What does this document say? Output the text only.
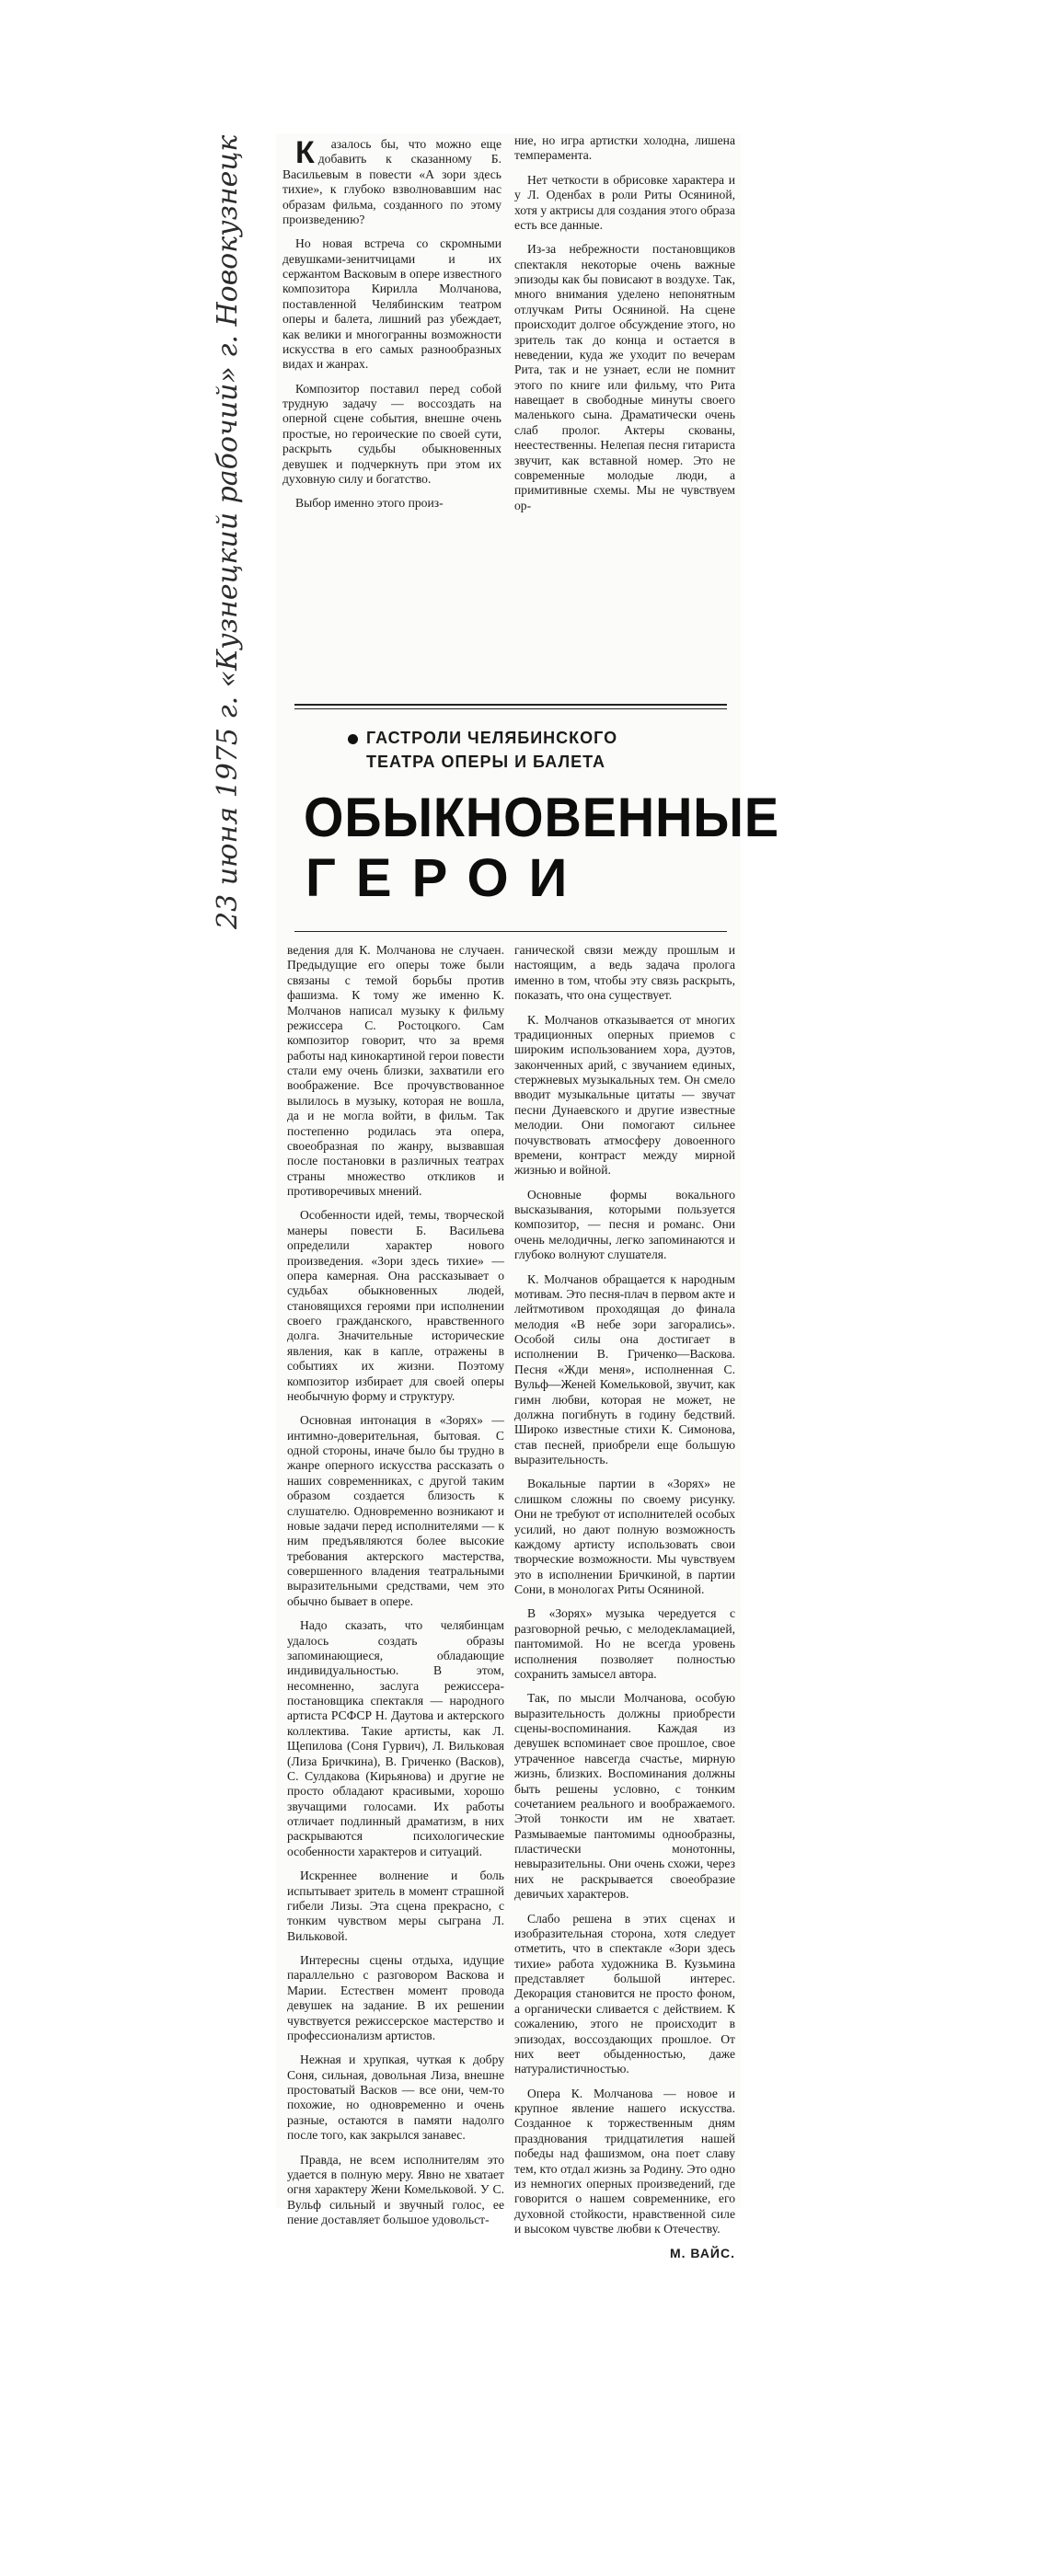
Казалось бы, что можно еще добавить к сказанному Б. Васильевым в повести «А зори здесь тихие», к глубоко взволновавшим нас образам фильма, созданного по этому произведению?

Но новая встреча со скромными девушками-зенитчицами и их сержантом Васковым в опере известного композитора Кирилла Молчанова, поставленной Челябинским театром оперы и балета, лишний раз убеждает, как велики и многогранны возможности искусства в его самых разнообразных видах и жанрах.

Композитор поставил перед собой трудную задачу — воссоздать на оперной сцене события, внешне очень простые, но героические по своей сути, раскрыть судьбы обыкновенных девушек и подчеркнуть при этом их духовную силу и богатство.

Выбор именно этого произ-

ние, но игра артистки холодна, лишена темперамента.

Нет четкости в обрисовке характера и у Л. Оденбах в роли Риты Осяниной, хотя у актрисы для создания этого образа есть все данные.

Из-за небрежности постановщиков спектакля некоторые очень важные эпизоды как бы повисают в воздухе. Так, много внимания уделено непонятным отлучкам Риты Осяниной. На сцене происходит долгое обсуждение этого, но зритель так до конца и остается в неведении, куда же уходит по вечерам Рита, так и не узнает, если не помнит этого по книге или фильму, что Рита навещает в свободные минуты своего маленького сына. Драматически очень слаб пролог. Актеры скованы, неестественны. Нелепая песня гитариста звучит, как вставной номер. Это не современные молодые люди, а примитивные схемы. Мы не чувствуем ор-

ГАСТРОЛИ ЧЕЛЯБИНСКОГО
ТЕАТРА ОПЕРЫ И БАЛЕТА
ОБЫКНОВЕННЫЕ
ГЕРОИ

ведения для К. Молчанова не случаен. Предыдущие его оперы тоже были связаны с темой борьбы против фашизма. К тому же именно К. Молчанов написал музыку к фильму режиссера С. Ростоцкого. Сам композитор говорит, что за время работы над кинокартиной герои повести стали ему очень близки, захватили его воображение. Все прочувствованное вылилось в музыку, которая не вошла, да и не могла войти, в фильм. Так постепенно родилась эта опера, своеобразная по жанру, вызвавшая после постановки в различных театрах страны множество откликов и противоречивых мнений.

Особенности идей, темы, творческой манеры повести Б. Васильева определили характер нового произведения. «Зори здесь тихие» — опера камерная. Она рассказывает о судьбах обыкновенных людей, становящихся героями при исполнении своего гражданского, нравственного долга. Значительные исторические явления, как в капле, отражены в событиях их жизни. Поэтому композитор избирает для своей оперы необычную форму и структуру.

Основная интонация в «Зорях» — интимно-доверительная, бытовая. С одной стороны, иначе было бы трудно в жанре оперного искусства рассказать о наших современниках, с другой таким образом создается близость к слушателю. Одновременно возникают и новые задачи перед исполнителями — к ним предъявляются более высокие требования актерского мастерства, совершенного владения театральными выразительными средствами, чем это обычно бывает в опере.

Надо сказать, что челябинцам удалось создать образы запоминающиеся, обладающие индивидуальностью. В этом, несомненно, заслуга режиссера-постановщика спектакля — народного артиста РСФСР Н. Даутова и актерского коллектива. Такие артисты, как Л. Щепилова (Соня Гурвич), Л. Вильковая (Лиза Бричкина), В. Гриченко (Васков), С. Сулдакова (Кирьянова) и другие не просто обладают красивыми, хорошо звучащими голосами. Их работы отличает подлинный драматизм, в них раскрываются психологические особенности характеров и ситуаций.

Искреннее волнение и боль испытывает зритель в момент страшной гибели Лизы. Эта сцена прекрасно, с тонким чувством меры сыграна Л. Вильковой.

Интересны сцены отдыха, идущие параллельно с разговором Васкова и Марии. Естествен момент провода девушек на задание. В их решении чувствуется режиссерское мастерство и профессионализм артистов.

Нежная и хрупкая, чуткая к добру Соня, сильная, довольная Лиза, внешне простоватый Васков — все они, чем-то похожие, но одновременно и очень разные, остаются в памяти надолго после того, как закрылся занавес.

Правда, не всем исполнителям это удается в полную меру. Явно не хватает огня характеру Жени Комельковой. У С. Вульф сильный и звучный голос, ее пение доставляет большое удовольст-

ганической связи между прошлым и настоящим, а ведь задача пролога именно в том, чтобы эту связь раскрыть, показать, что она существует.

К. Молчанов отказывается от многих традиционных оперных приемов с широким использованием хора, дуэтов, законченных арий, с звучанием единых, стержневых музыкальных тем. Он смело вводит музыкальные цитаты — звучат песни Дунаевского и другие известные мелодии. Они помогают сильнее почувствовать атмосферу довоенного времени, контраст между мирной жизнью и войной.

Основные формы вокального высказывания, которыми пользуется композитор, — песня и романс. Они очень мелодичны, легко запоминаются и глубоко волнуют слушателя.

К. Молчанов обращается к народным мотивам. Это песня-плач в первом акте и лейтмотивом проходящая до финала мелодия «В небе зори загорались». Особой силы она достигает в исполнении В. Гриченко—Васкова. Песня «Жди меня», исполненная С. Вульф—Женей Комельковой, звучит, как гимн любви, которая не может, не должна погибнуть в годину бедствий. Широко известные стихи К. Симонова, став песней, приобрели еще большую выразительность.

Вокальные партии в «Зорях» не слишком сложны по своему рисунку. Они не требуют от исполнителей особых усилий, но дают полную возможность каждому артисту использовать свои творческие возможности. Мы чувствуем это в исполнении Бричкиной, в партии Сони, в монологах Риты Осяниной.

В «Зорях» музыка чередуется с разговорной речью, с мелодекламацией, пантомимой. Но не всегда уровень исполнения позволяет полностью сохранить замысел автора.

Так, по мысли Молчанова, особую выразительность должны приобрести сцены-воспоминания. Каждая из девушек вспоминает свое прошлое, свое утраченное навсегда счастье, мирную жизнь, близких. Воспоминания должны быть решены условно, с тонким сочетанием реального и воображаемого. Этой тонкости им не хватает. Размываемые пантомимы однообразны, пластически монотонны, невыразительны. Они очень схожи, через них не раскрывается своеобразие девичьих характеров.

Слабо решена в этих сценах и изобразительная сторона, хотя следует отметить, что в спектакле «Зори здесь тихие» работа художника В. Кузьмина представляет большой интерес. Декорация становится не просто фоном, а органически сливается с действием. К сожалению, этого не происходит в эпизодах, воссоздающих прошлое. От них веет обыденностью, даже натуралистичностью.

Опера К. Молчанова — новое и крупное явление нашего искусства. Созданное к торжественным дням празднования тридцатилетия нашей победы над фашизмом, она поет славу тем, кто отдал жизнь за Родину. Это одно из немногих оперных произведений, где говорится о нашем современнике, его духовной стойкости, нравственной силе и высоком чувстве любви к Отечеству.

М. ВАЙС.
23 июня 1975 г. «Кузнецкий рабочий» г. Новокузнецк
